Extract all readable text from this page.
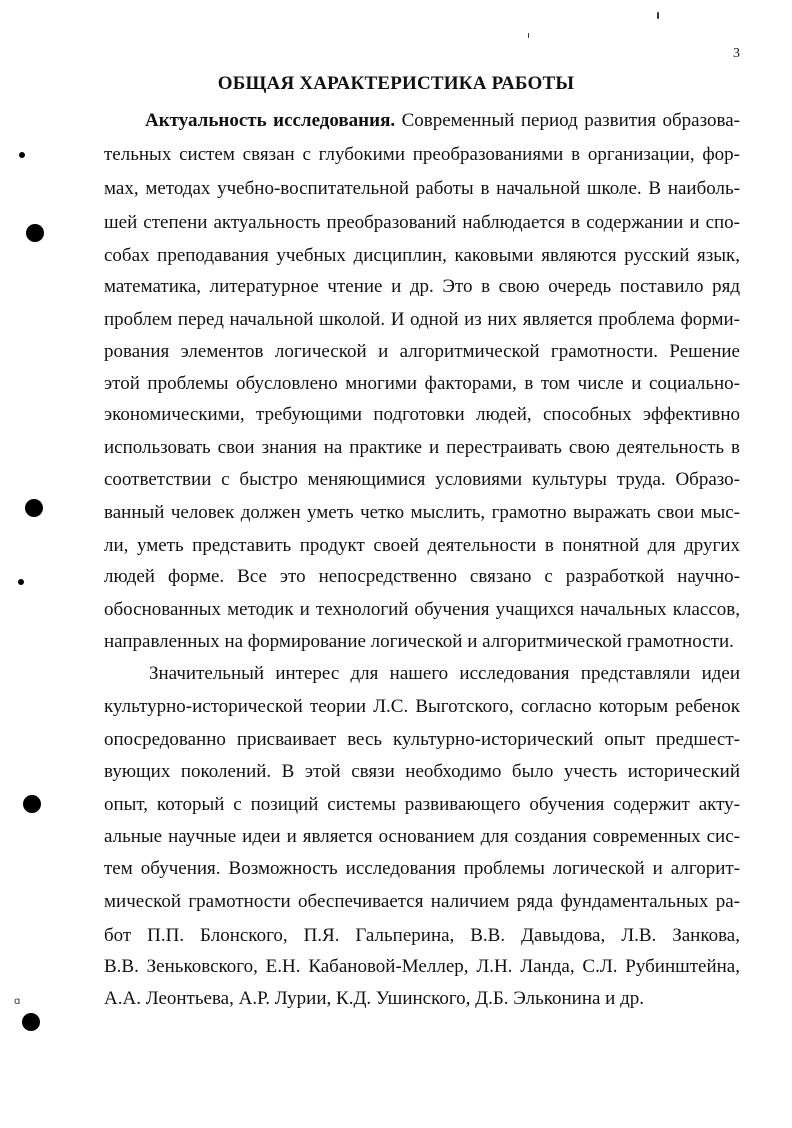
ɑ
3
ОБЩАЯ ХАРАКТЕРИСТИКА РАБОТЫ
Актуальность исследования. Современный период развития образова-
тельных систем связан с глубокими преобразованиями в организации, фор-
мах, методах учебно-воспитательной работы в начальной школе. В наиболь-
шей степени актуальность преобразований наблюдается в содержании и спо-
собах преподавания учебных дисциплин, каковыми являются русский язык,
математика, литературное чтение и др. Это в свою очередь поставило ряд
проблем перед начальной школой. И одной из них является проблема форми-
рования элементов логической и алгоритмической грамотности. Решение
этой проблемы обусловлено многими факторами, в том числе и социально-
экономическими, требующими подготовки людей, способных эффективно
использовать свои знания на практике и перестраивать свою деятельность в
соответствии с быстро меняющимися условиями культуры труда. Образо-
ванный человек должен уметь четко мыслить, грамотно выражать свои мыс-
ли, уметь представить продукт своей деятельности в понятной для других
людей форме. Все это непосредственно связано с разработкой научно-
обоснованных методик и технологий обучения учащихся начальных классов,
направленных на формирование логической и алгоритмической грамотности.
Значительный интерес для нашего исследования представляли идеи
культурно-исторической теории Л.С. Выготского, согласно которым ребенок
опосредованно присваивает весь культурно-исторический опыт предшест-
вующих поколений. В этой связи необходимо было учесть исторический
опыт, который с позиций системы развивающего обучения содержит акту-
альные научные идеи и является основанием для создания современных сис-
тем обучения. Возможность исследования проблемы логической и алгорит-
мической грамотности обеспечивается наличием ряда фундаментальных ра-
бот П.П. Блонского, П.Я. Гальперина, В.В. Давыдова, Л.В. Занкова,
В.В. Зеньковского, Е.Н. Кабановой-Меллер, Л.Н. Ланда, С.Л. Рубинштейна,
А.А. Леонтьева, А.Р. Лурии, К.Д. Ушинского, Д.Б. Эльконина и др.
